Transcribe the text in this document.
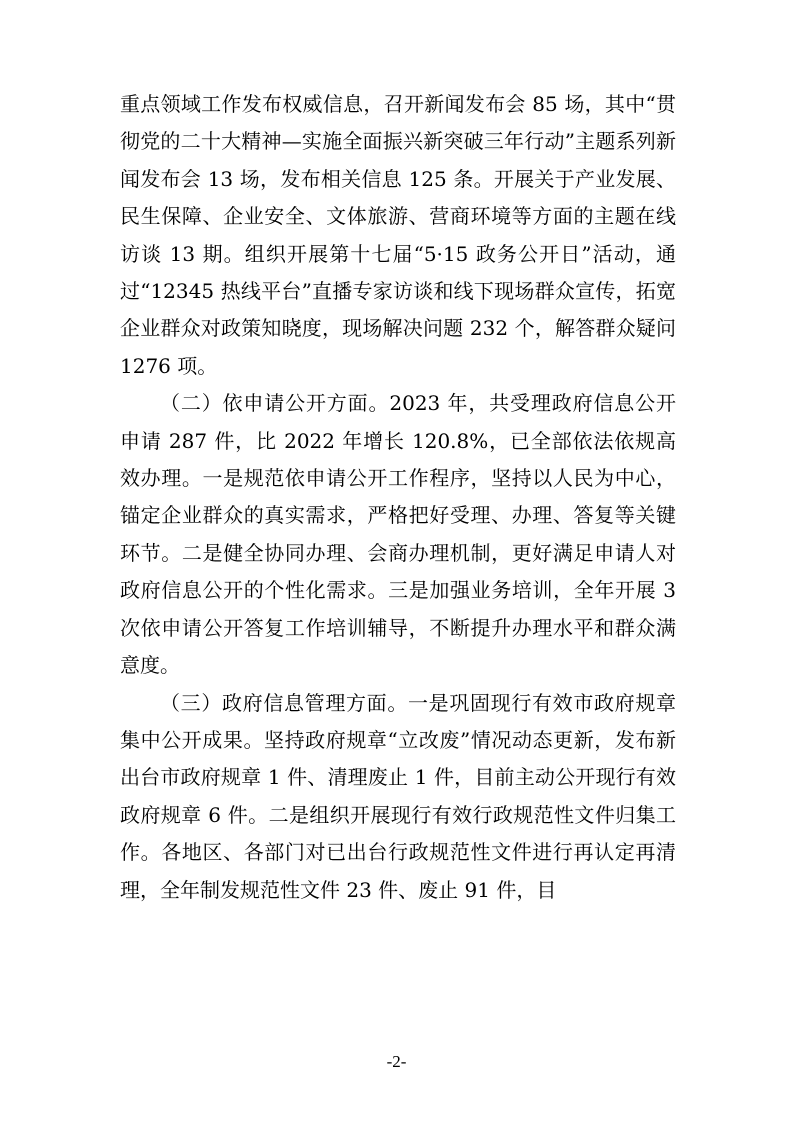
重点领域工作发布权威信息，召开新闻发布会 85 场，其中“贯彻党的二十大精神—实施全面振兴新突破三年行动”主题系列新闻发布会 13 场，发布相关信息 125 条。开展关于产业发展、民生保障、企业安全、文体旅游、营商环境等方面的主题在线访谈 13 期。组织开展第十七届“5·15 政务公开日”活动，通过“12345 热线平台”直播专家访谈和线下现场群众宣传，拓宽企业群众对政策知晓度，现场解决问题 232 个，解答群众疑问 1276 项。

（二）依申请公开方面。2023 年，共受理政府信息公开申请 287 件，比 2022 年增长 120.8%，已全部依法依规高效办理。一是规范依申请公开工作程序，坚持以人民为中心，锚定企业群众的真实需求，严格把好受理、办理、答复等关键环节。二是健全协同办理、会商办理机制，更好满足申请人对政府信息公开的个性化需求。三是加强业务培训，全年开展 3 次依申请公开答复工作培训辅导，不断提升办理水平和群众满意度。

（三）政府信息管理方面。一是巩固现行有效市政府规章集中公开成果。坚持政府规章“立改废”情况动态更新，发布新出台市政府规章 1 件、清理废止 1 件，目前主动公开现行有效政府规章 6 件。二是组织开展现行有效行政规范性文件归集工作。各地区、各部门对已出台行政规范性文件进行再认定再清理，全年制发规范性文件 23 件、废止 91 件，目

-2-
